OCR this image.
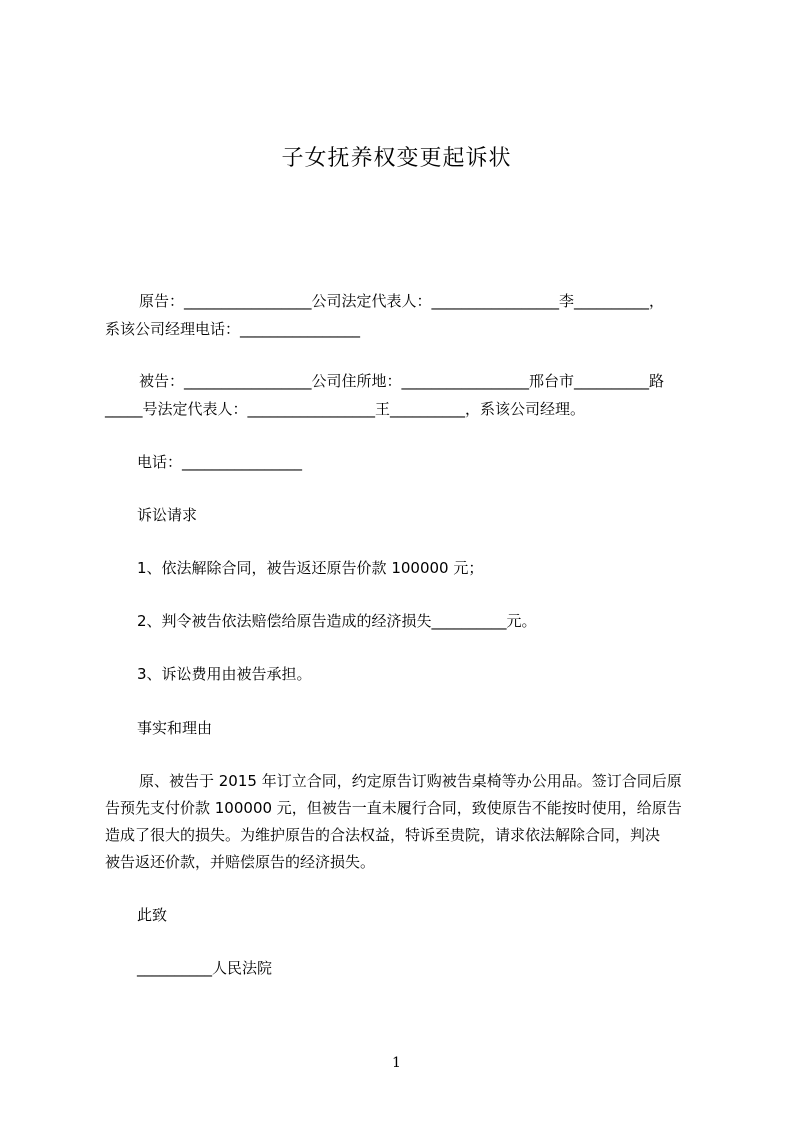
子女抚养权变更起诉状
原告：_________________公司法定代表人：_________________李__________，
系该公司经理电话：________________
被告：_________________公司住所地：_________________邢台市__________路
_____号法定代表人：_________________王__________，系该公司经理。
电话：________________
诉讼请求
1、依法解除合同，被告返还原告价款 100000 元；
2、判令被告依法赔偿给原告造成的经济损失__________元。
3、诉讼费用由被告承担。
事实和理由
原、被告于 2015 年订立合同，约定原告订购被告桌椅等办公用品。签订合同后原
告预先支付价款 100000 元，但被告一直未履行合同，致使原告不能按时使用，给原告
造成了很大的损失。为维护原告的合法权益，特诉至贵院，请求依法解除合同，判决
被告返还价款，并赔偿原告的经济损失。
此致
__________人民法院
1
